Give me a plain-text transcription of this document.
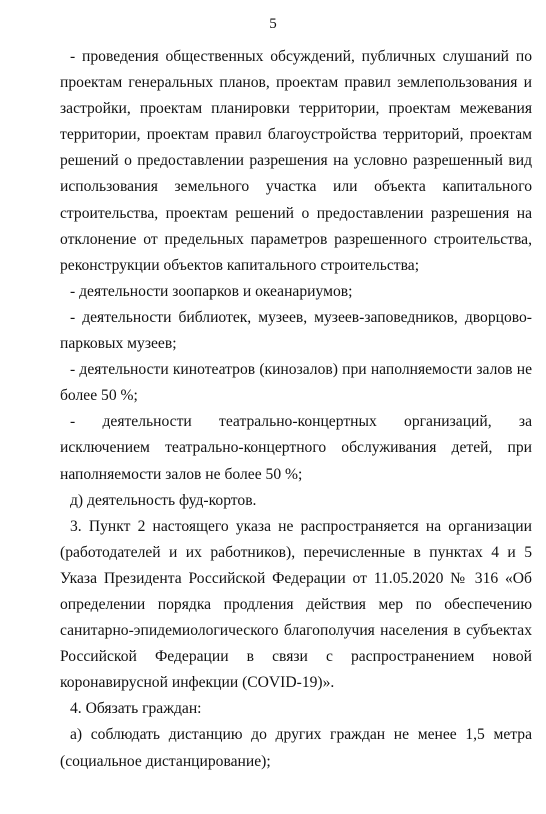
5

- проведения общественных обсуждений, публичных слушаний по проектам генеральных планов, проектам правил землепользования и застройки, проектам планировки территории, проектам межевания территории, проектам правил благоустройства территорий, проектам решений о предоставлении разрешения на условно разрешенный вид использования земельного участка или объекта капитального строительства, проектам решений о предоставлении разрешения на отклонение от предельных параметров разрешенного строительства, реконструкции объектов капитального строительства;

- деятельности зоопарков и океанариумов;

- деятельности библиотек, музеев, музеев-заповедников, дворцово-парковых музеев;

- деятельности кинотеатров (кинозалов) при наполняемости залов не более 50 %;

- деятельности театрально-концертных организаций, за исключением театрально-концертного обслуживания детей, при наполняемости залов не более 50 %;

д) деятельность фуд-кортов.

3. Пункт 2 настоящего указа не распространяется на организации (работодателей и их работников), перечисленные в пунктах 4 и 5 Указа Президента Российской Федерации от 11.05.2020 № 316 «Об определении порядка продления действия мер по обеспечению санитарно-эпидемиологического благополучия населения в субъектах Российской Федерации в связи с распространением новой коронавирусной инфекции (COVID-19)».

4. Обязать граждан:

а) соблюдать дистанцию до других граждан не менее 1,5 метра (социальное дистанцирование);
